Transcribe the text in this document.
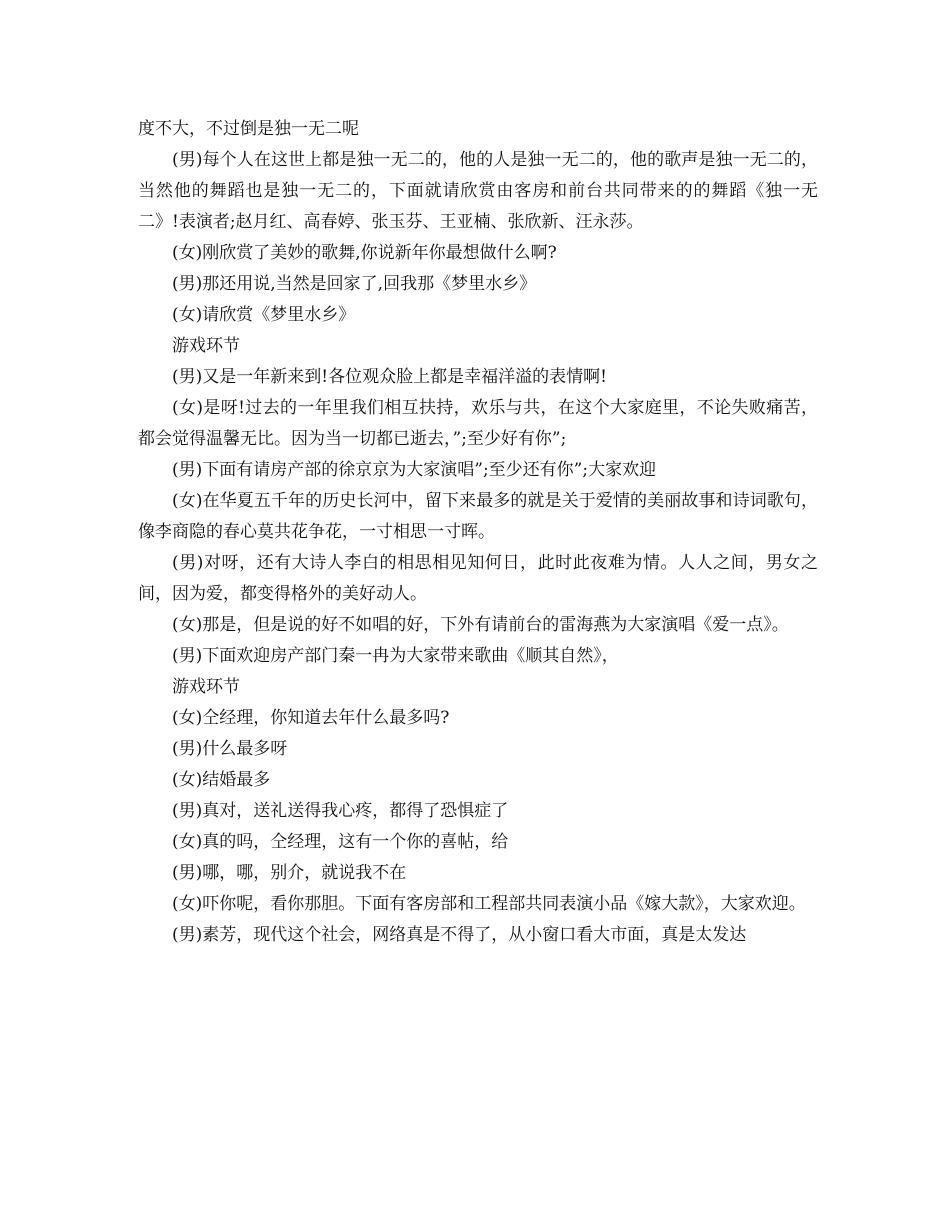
度不大，不过倒是独一无二呢

(男)每个人在这世上都是独一无二的，他的人是独一无二的，他的歌声是独一无二的，当然他的舞蹈也是独一无二的，下面就请欣赏由客房和前台共同带来的的舞蹈《独一无二》!表演者;赵月红、高春婷、张玉芬、王亚楠、张欣新、汪永莎。

(女)刚欣赏了美妙的歌舞,你说新年你最想做什么啊?

(男)那还用说,当然是回家了,回我那《梦里水乡》

(女)请欣赏《梦里水乡》

游戏环节

(男)又是一年新来到!各位观众脸上都是幸福洋溢的表情啊!

(女)是呀!过去的一年里我们相互扶持，欢乐与共，在这个大家庭里，不论失败痛苦，都会觉得温馨无比。因为当一切都已逝去，”;至少好有你”;

(男)下面有请房产部的徐京京为大家演唱”;至少还有你”;大家欢迎

(女)在华夏五千年的历史长河中，留下来最多的就是关于爱情的美丽故事和诗词歌句，像李商隐的春心莫共花争花，一寸相思一寸晖。

(男)对呀，还有大诗人李白的相思相见知何日，此时此夜难为情。人人之间，男女之间，因为爱，都变得格外的美好动人。

(女)那是，但是说的好不如唱的好，下外有请前台的雷海燕为大家演唱《爱一点》。

(男)下面欢迎房产部门秦一冉为大家带来歌曲《顺其自然》，

游戏环节

(女)仝经理，你知道去年什么最多吗?

(男)什么最多呀

(女)结婚最多

(男)真对，送礼送得我心疼，都得了恐惧症了

(女)真的吗，仝经理，这有一个你的喜帖，给

(男)哪，哪，别介，就说我不在

(女)吓你呢，看你那胆。下面有客房部和工程部共同表演小品《嫁大款》，大家欢迎。

(男)素芳，现代这个社会，网络真是不得了，从小窗口看大市面，真是太发达
